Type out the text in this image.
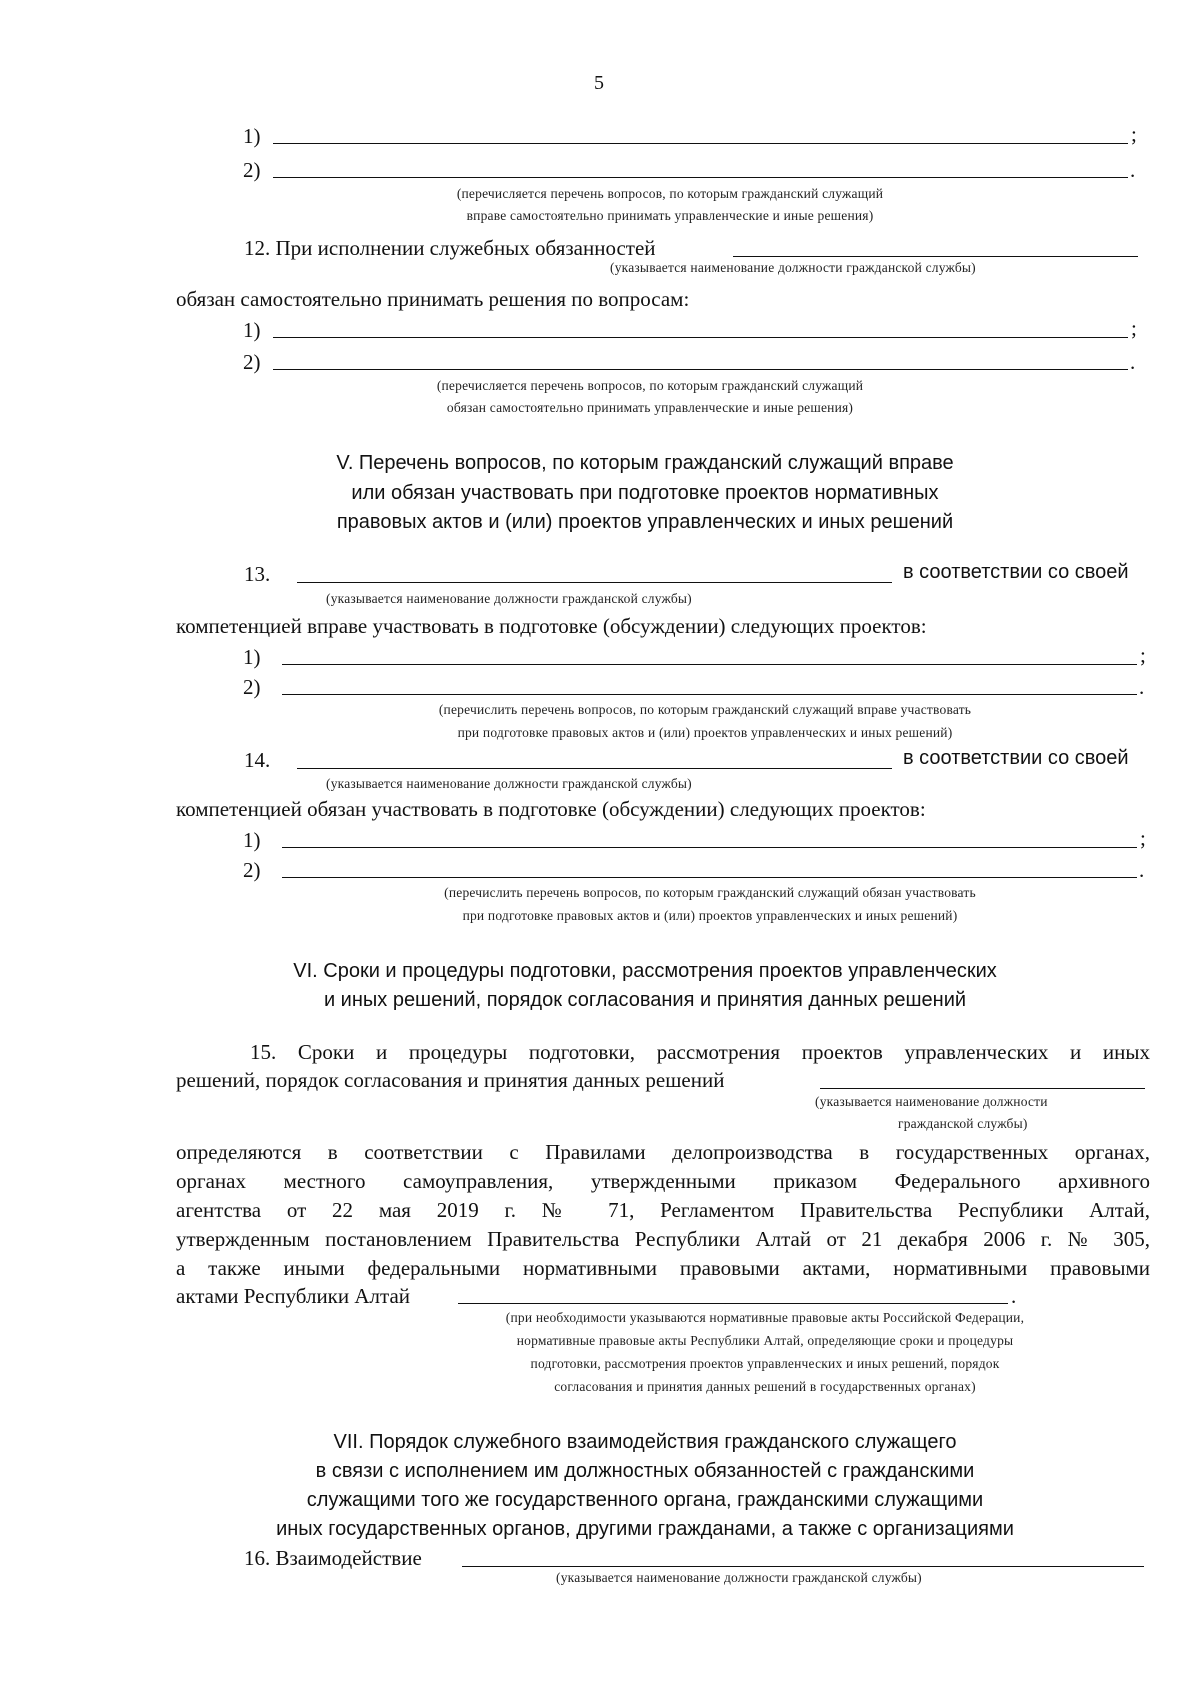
5
1)	;
2)	.
(перечисляется перечень вопросов, по которым гражданский служащий
вправе самостоятельно принимать управленческие и иные решения)
12. При исполнении служебных обязанностей
(указывается наименование должности гражданской службы)
обязан самостоятельно принимать решения по вопросам:
1)	;
2)	.
(перечисляется перечень вопросов, по которым гражданский служащий
обязан самостоятельно принимать управленческие и иные решения)
V. Перечень вопросов, по которым гражданский служащий вправе
или обязан участвовать при подготовке проектов нормативных
правовых актов и (или) проектов управленческих и иных решений
13.	в соответствии со своей
(указывается наименование должности гражданской службы)
компетенцией вправе участвовать в подготовке (обсуждении) следующих проектов:
1)	;
2)	.
(перечислить перечень вопросов, по которым гражданский служащий вправе участвовать
при подготовке правовых актов и (или) проектов управленческих и иных решений)
14.	в соответствии со своей
(указывается наименование должности гражданской службы)
компетенцией обязан участвовать в подготовке (обсуждении) следующих проектов:
1)	;
2)	.
(перечислить перечень вопросов, по которым гражданский служащий обязан участвовать
при подготовке правовых актов и (или) проектов управленческих и иных решений)
VI. Сроки и процедуры подготовки, рассмотрения проектов управленческих
и иных решений, порядок согласования и принятия данных решений
15. Сроки и процедуры подготовки, рассмотрения проектов управленческих и иных
решений, порядок согласования и принятия данных решений
(указывается наименование должности
гражданской службы)
определяются в соответствии с Правилами делопроизводства в государственных органах,
органах местного самоуправления, утвержденными приказом Федерального архивного
агентства от 22 мая 2019 г. № 71, Регламентом Правительства Республики Алтай,
утвержденным постановлением Правительства Республики Алтай от 21 декабря 2006 г. № 305,
а также иными федеральными нормативными правовыми актами, нормативными правовыми
актами Республики Алтай	.
(при необходимости указываются нормативные правовые акты Российской Федерации,
нормативные правовые акты Республики Алтай, определяющие сроки и процедуры
подготовки, рассмотрения проектов управленческих и иных решений, порядок
согласования и принятия данных решений в государственных органах)
VII. Порядок служебного взаимодействия гражданского служащего
в связи с исполнением им должностных обязанностей с гражданскими
служащими того же государственного органа, гражданскими служащими
иных государственных органов, другими гражданами, а также с организациями
16. Взаимодействие
(указывается наименование должности гражданской службы)
